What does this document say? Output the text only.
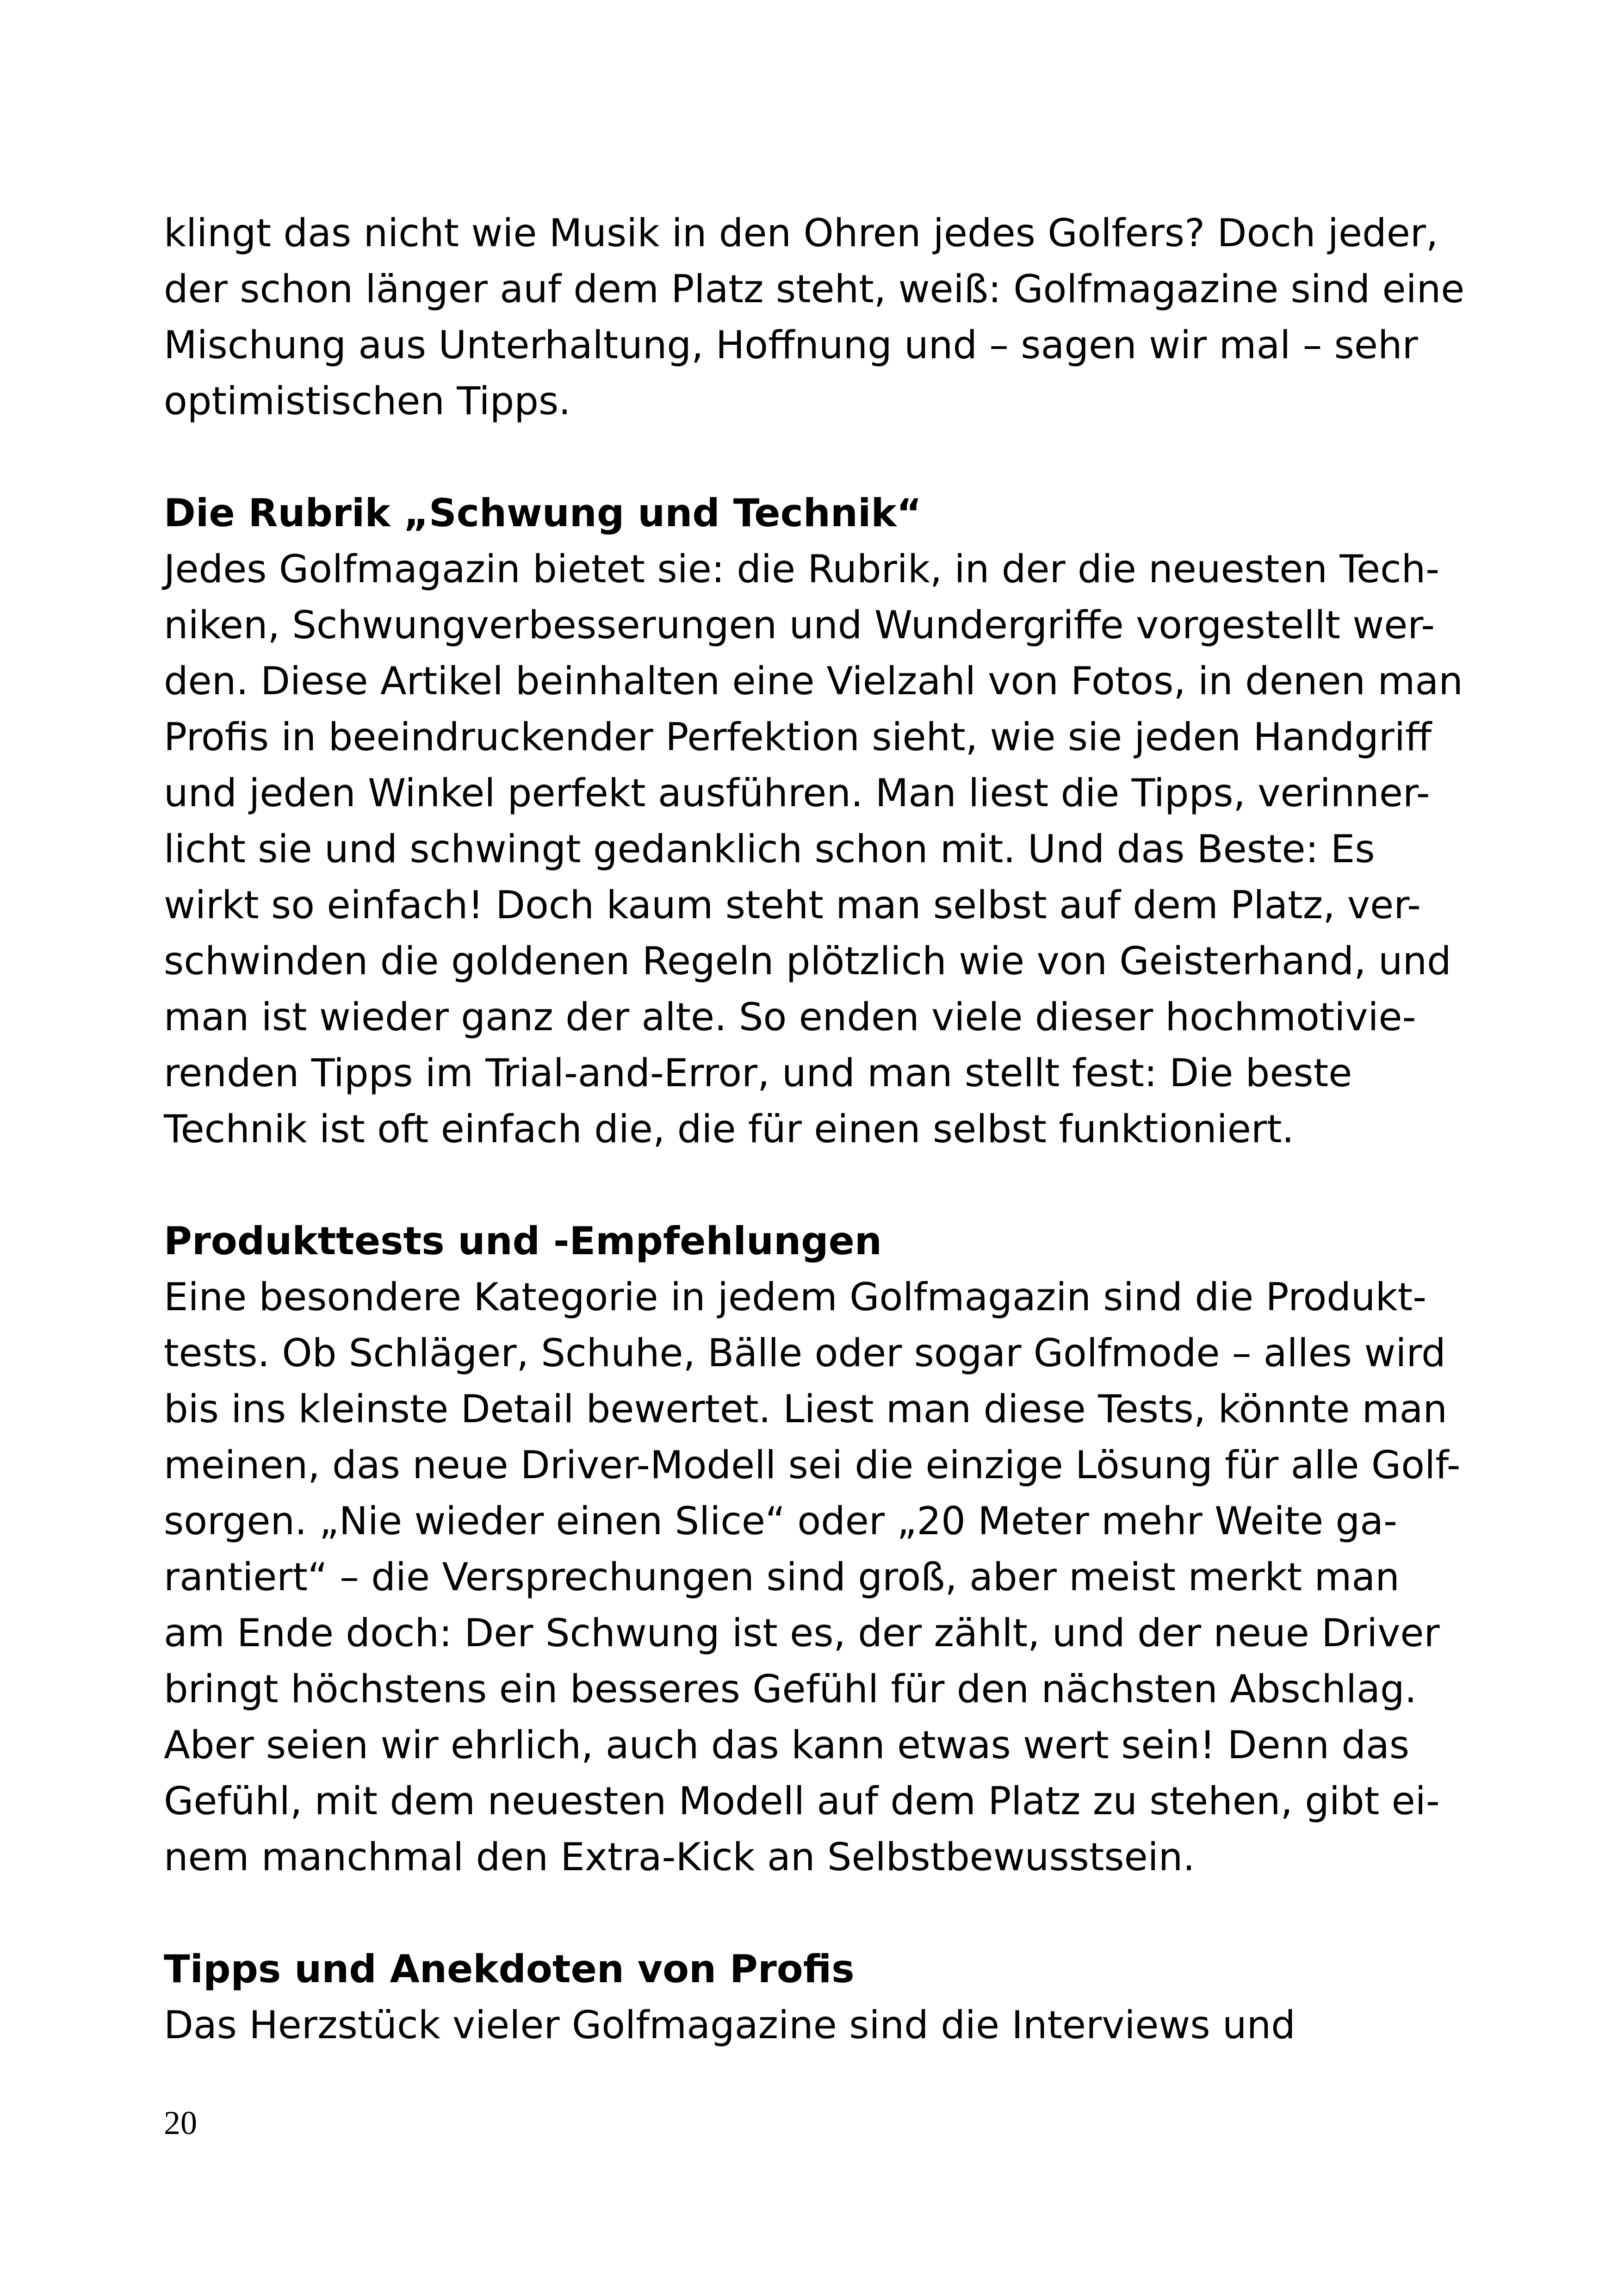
klingt das nicht wie Musik in den Ohren jedes Golfers? Doch jeder,
der schon länger auf dem Platz steht, weiß: Golfmagazine sind eine
Mischung aus Unterhaltung, Hoffnung und – sagen wir mal – sehr
optimistischen Tipps.
Die Rubrik „Schwung und Technik“
Jedes Golfmagazin bietet sie: die Rubrik, in der die neuesten Tech-
niken, Schwungverbesserungen und Wundergriffe vorgestellt wer-
den. Diese Artikel beinhalten eine Vielzahl von Fotos, in denen man
Profis in beeindruckender Perfektion sieht, wie sie jeden Handgriff
und jeden Winkel perfekt ausführen. Man liest die Tipps, verinner-
licht sie und schwingt gedanklich schon mit. Und das Beste: Es
wirkt so einfach! Doch kaum steht man selbst auf dem Platz, ver-
schwinden die goldenen Regeln plötzlich wie von Geisterhand, und
man ist wieder ganz der alte. So enden viele dieser hochmotivie-
renden Tipps im Trial-and-Error, und man stellt fest: Die beste
Technik ist oft einfach die, die für einen selbst funktioniert.
Produkttests und -Empfehlungen
Eine besondere Kategorie in jedem Golfmagazin sind die Produkt-
tests. Ob Schläger, Schuhe, Bälle oder sogar Golfmode – alles wird
bis ins kleinste Detail bewertet. Liest man diese Tests, könnte man
meinen, das neue Driver-Modell sei die einzige Lösung für alle Golf-
sorgen. „Nie wieder einen Slice“ oder „20 Meter mehr Weite ga-
rantiert“ – die Versprechungen sind groß, aber meist merkt man
am Ende doch: Der Schwung ist es, der zählt, und der neue Driver
bringt höchstens ein besseres Gefühl für den nächsten Abschlag.
Aber seien wir ehrlich, auch das kann etwas wert sein! Denn das
Gefühl, mit dem neuesten Modell auf dem Platz zu stehen, gibt ei-
nem manchmal den Extra-Kick an Selbstbewusstsein.
Tipps und Anekdoten von Profis
Das Herzstück vieler Golfmagazine sind die Interviews und
20
